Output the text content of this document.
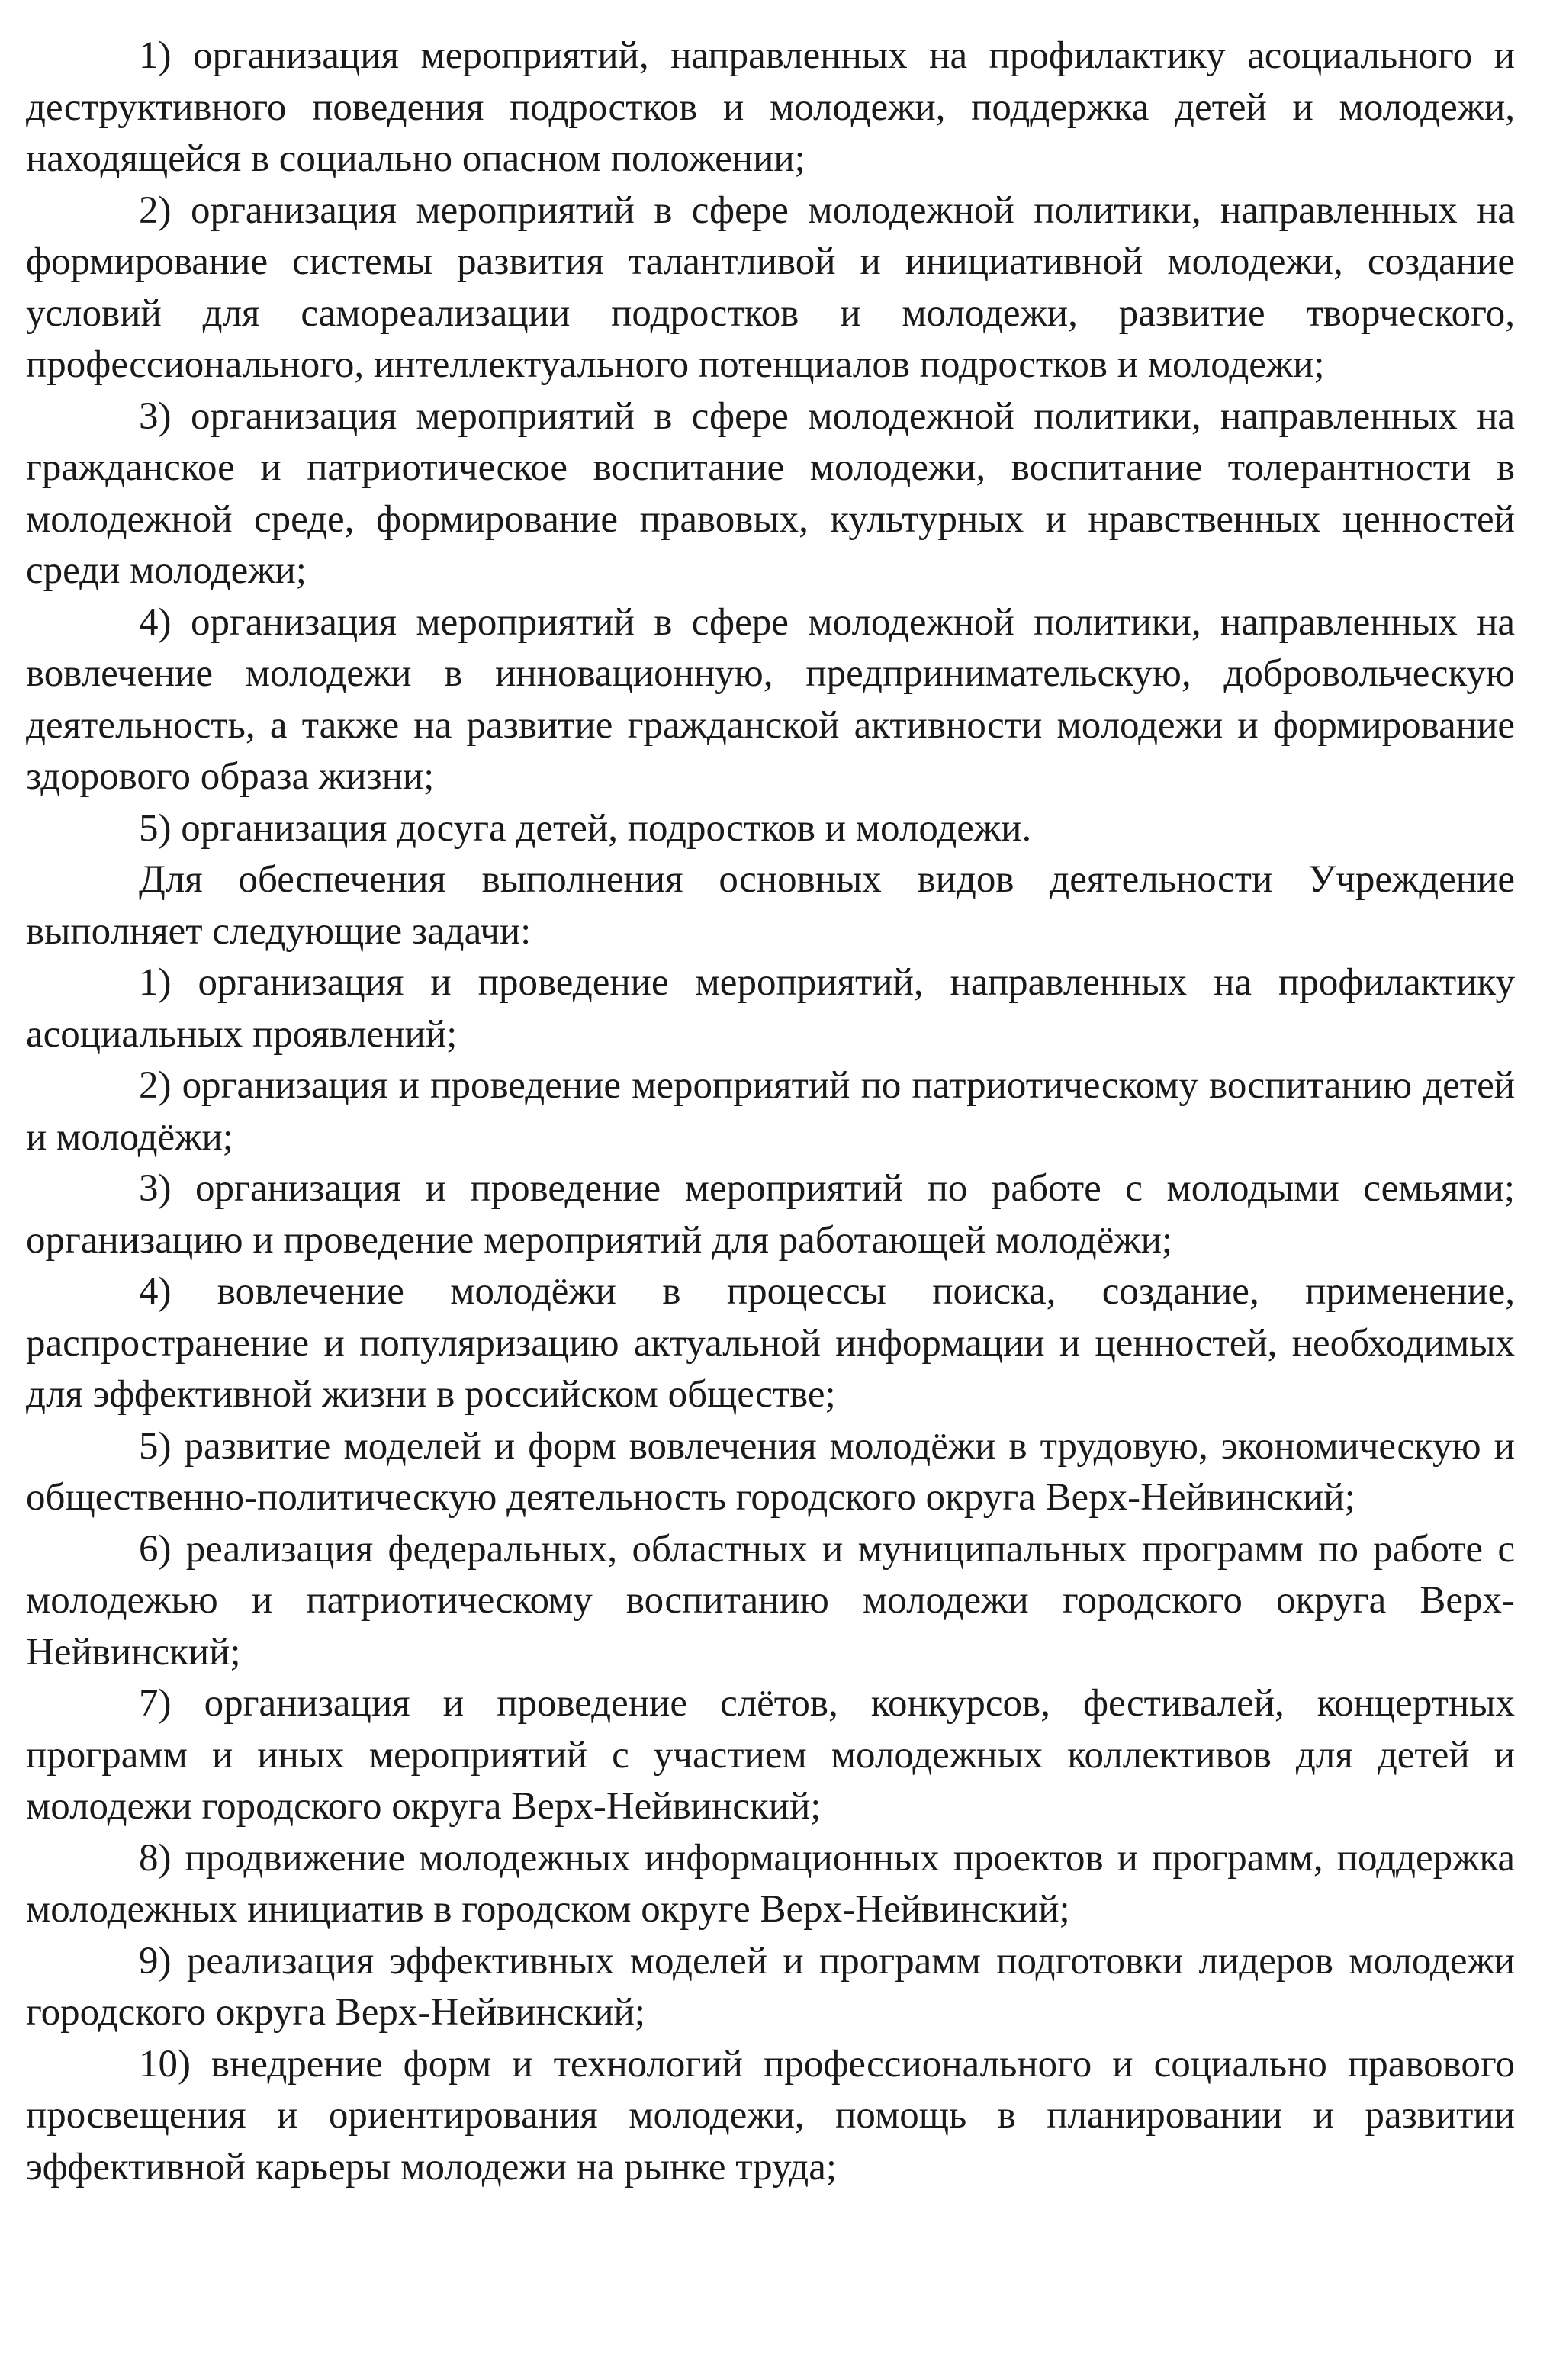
1) организация мероприятий, направленных на профилактику асоциального и деструктивного поведения подростков и молодежи, поддержка детей и молодежи, находящейся в социально опасном положении;

2) организация мероприятий в сфере молодежной политики, направленных на формирование системы развития талантливой и инициативной молодежи, создание условий для самореализации подростков и молодежи, развитие творческого, профессионального, интеллектуального потенциалов подростков и молодежи;

3) организация мероприятий в сфере молодежной политики, направленных на гражданское и патриотическое воспитание молодежи, воспитание толерантности в молодежной среде, формирование правовых, культурных и нравственных ценностей среди молодежи;

4) организация мероприятий в сфере молодежной политики, направленных на вовлечение молодежи в инновационную, предпринимательскую, добровольческую деятельность, а также на развитие гражданской активности молодежи и формирование здорового образа жизни;

5) организация досуга детей, подростков и молодежи.

Для обеспечения выполнения основных видов деятельности Учреждение выполняет следующие задачи:

1) организация и проведение мероприятий, направленных на профилактику асоциальных проявлений;

2) организация и проведение мероприятий по патриотическому воспитанию детей и молодёжи;

3) организация и проведение мероприятий по работе с молодыми семьями; организацию и проведение мероприятий для работающей молодёжи;

4) вовлечение молодёжи в процессы поиска, создание, применение, распространение и популяризацию актуальной информации и ценностей, необходимых для эффективной жизни в российском обществе;

5) развитие моделей и форм вовлечения молодёжи в трудовую, экономическую и общественно-политическую деятельность городского округа Верх-Нейвинский;

6) реализация федеральных, областных и муниципальных программ по работе с молодежью и патриотическому воспитанию молодежи городского округа Верх-Нейвинский;

7) организация и проведение слётов, конкурсов, фестивалей, концертных программ и иных мероприятий с участием молодежных коллективов для детей и молодежи городского округа Верх-Нейвинский;

8) продвижение молодежных информационных проектов и программ, поддержка молодежных инициатив в городском округе Верх-Нейвинский;

9) реализация эффективных моделей и программ подготовки лидеров молодежи городского округа Верх-Нейвинский;

10) внедрение форм и технологий профессионального и социально правового просвещения и ориентирования молодежи, помощь в планировании и развитии эффективной карьеры молодежи на рынке труда;
